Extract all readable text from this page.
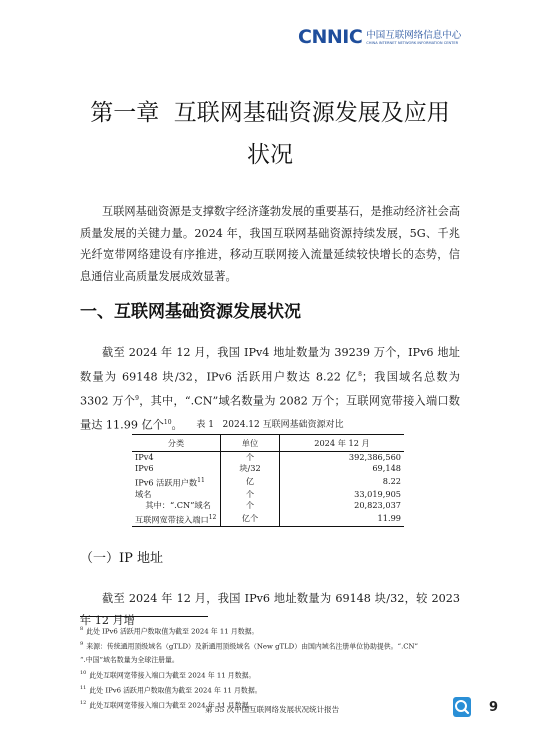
CNNIC 中国互联网络信息中心
CHINA INTERNET NETWORK INFORMATION CENTER
第一章  互联网基础资源发展及应用
状况
互联网基础资源是支撑数字经济蓬勃发展的重要基石，是推动经济社会高质量发展的关键力量。2024 年，我国互联网基础资源持续发展，5G、千兆光纤宽带网络建设有序推进，移动互联网接入流量延续较快增长的态势，信息通信业高质量发展成效显著。
一、互联网基础资源发展状况
截至 2024 年 12 月，我国 IPv4 地址数量为 39239 万个，IPv6 地址数量为 69148 块/32，IPv6 活跃用户数达 8.22 亿$^8$；我国域名总数为 3302 万个$^9$，其中，“.CN”域名数量为 2082 万个；互联网宽带接入端口数量达 11.99 亿个$^{10}$。	表 1   2024.12 互联网基础资源对比
分类	单位	2024 年 12 月
IPv4	个	392,386,560
IPv6	块/32	69,148
IPv6 活跃用户数$^{11}$	亿	8.22
域名	个	33,019,905
其中：“.CN”域名	个	20,823,037
互联网宽带接入端口$^{12}$	亿个	11.99
（一）IP 地址
截至 2024 年 12 月，我国 IPv6 地址数量为 69148 块/32，较 2023 年 12 月增
$^8$ 此处 IPv6 活跃用户数取值为截至 2024 年 11 月数据。
$^9$ 来源：传统通用顶级域名（gTLD）及新通用顶级域名（New gTLD）由国内域名注册单位协助提供。“.CN”
“.中国”域名数量为全球注册量。
$^{10}$ 此处互联网宽带接入端口为截至 2024 年 11 月数据。
$^{11}$ 此处 IPv6 活跃用户数取值为截至 2024 年 11 月数据。
$^{12}$ 此处互联网宽带接入端口为截至 2024 年 11 月数据。
第 55 次中国互联网络发展状况统计报告	9
